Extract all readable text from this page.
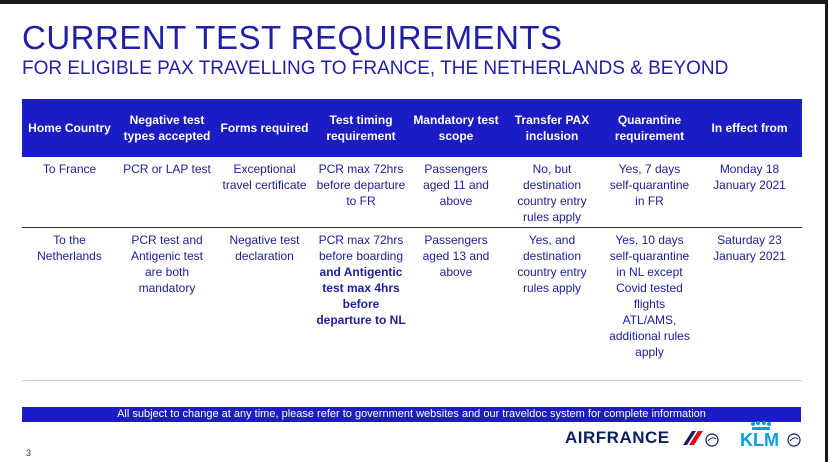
CURRENT TEST REQUIREMENTS
FOR ELIGIBLE PAX TRAVELLING TO FRANCE, THE NETHERLANDS & BEYOND
Home Country	Negative test types accepted	Forms required	Test timing requirement	Mandatory test scope	Transfer PAX inclusion	Quarantine requirement	In effect from
To France	PCR or LAP test	Exceptional travel certificate	PCR max 72hrs before departure to FR	Passengers aged 11 and above	No, but destination country entry rules apply	Yes, 7 days self-quarantine in FR	Monday 18 January 2021
To the Netherlands	PCR test and Antigenic test are both mandatory	Negative test declaration	PCR max 72hrs before boarding and Antigentic test max 4hrs before departure to NL	Passengers aged 13 and above	Yes, and destination country entry rules apply	Yes, 10 days self-quarantine in NL except Covid tested flights ATL/AMS, additional rules apply	Saturday 23 January 2021
All subject to change at any time, please refer to government websites and our traveldoc system for complete information
3
AIRFRANCE	KLM
